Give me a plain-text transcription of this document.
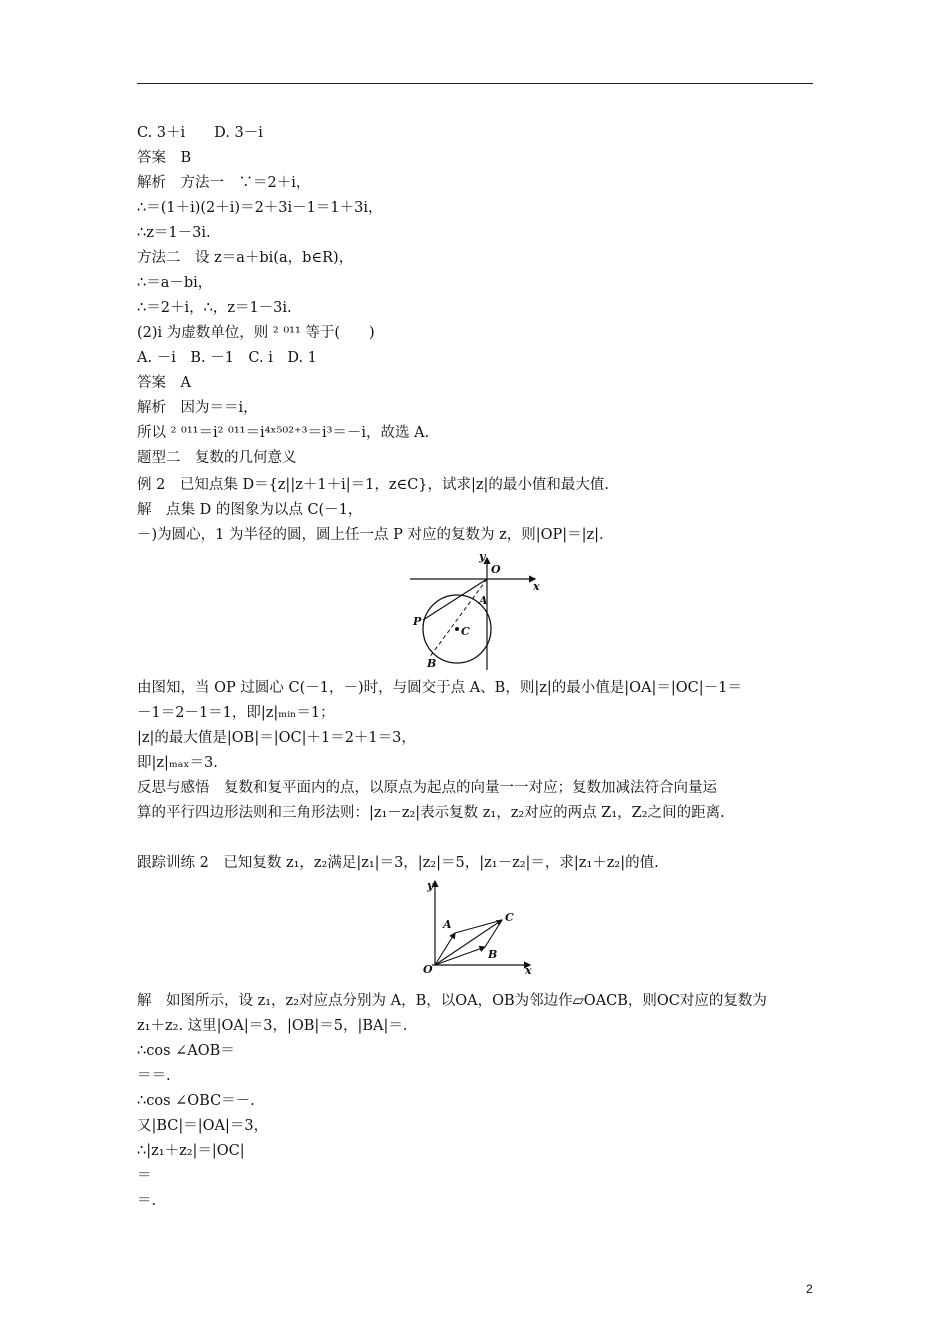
C. 3＋i　　D. 3－i
答案　B
解析　方法一　∵＝2＋i，
∴＝(1＋i)(2＋i)＝2＋3i－1＝1＋3i，
∴z＝1－3i.
方法二　设 z＝a＋bi(a，b∈R)，
∴＝a－bi，
∴＝2＋i，∴，z＝1－3i.
(2)i 为虚数单位，则 ² ⁰¹¹ 等于(　　)
A. －i　B. －1　C. i　D. 1
答案　A
解析　因为＝＝i，
所以 ² ⁰¹¹＝i² ⁰¹¹＝i⁴ˣ⁵⁰²⁺³＝i³＝－i，故选 A.
题型二　复数的几何意义
例 2　已知点集 D＝{z||z＋1＋i|＝1，z∈C}，试求|z|的最小值和最大值.
解　点集 D 的图象为以点 C(－1，
－)为圆心，1 为半径的圆，圆上任一点 P 对应的复数为 z，则|OP|＝|z|.
y
O
x
A
P
C
B
由图知，当 OP 过圆心 C(－1，－)时，与圆交于点 A、B，则|z|的最小值是|OA|＝|OC|－1＝
－1＝2－1＝1，即|z|ₘᵢₙ＝1；
|z|的最大值是|OB|＝|OC|＋1＝2＋1＝3，
即|z|ₘₐₓ＝3.
反思与感悟　复数和复平面内的点，以原点为起点的向量一一对应；复数加减法符合向量运
算的平行四边形法则和三角形法则：|z₁－z₂|表示复数 z₁，z₂对应的两点 Z₁，Z₂之间的距离.
跟踪训练 2　已知复数 z₁，z₂满足|z₁|＝3，|z₂|＝5，|z₁－z₂|＝，求|z₁＋z₂|的值.
y
A
C
B
O	x
解　如图所示，设 z₁，z₂对应点分别为 A，B，以OA，OB为邻边作▱OACB，则OC对应的复数为
z₁＋z₂. 这里|OA|＝3，|OB|＝5，|BA|＝.
∴cos ∠AOB＝
＝＝.
∴cos ∠OBC＝－.
又|BC|＝|OA|＝3，
∴|z₁＋z₂|＝|OC|
＝
＝.
2
